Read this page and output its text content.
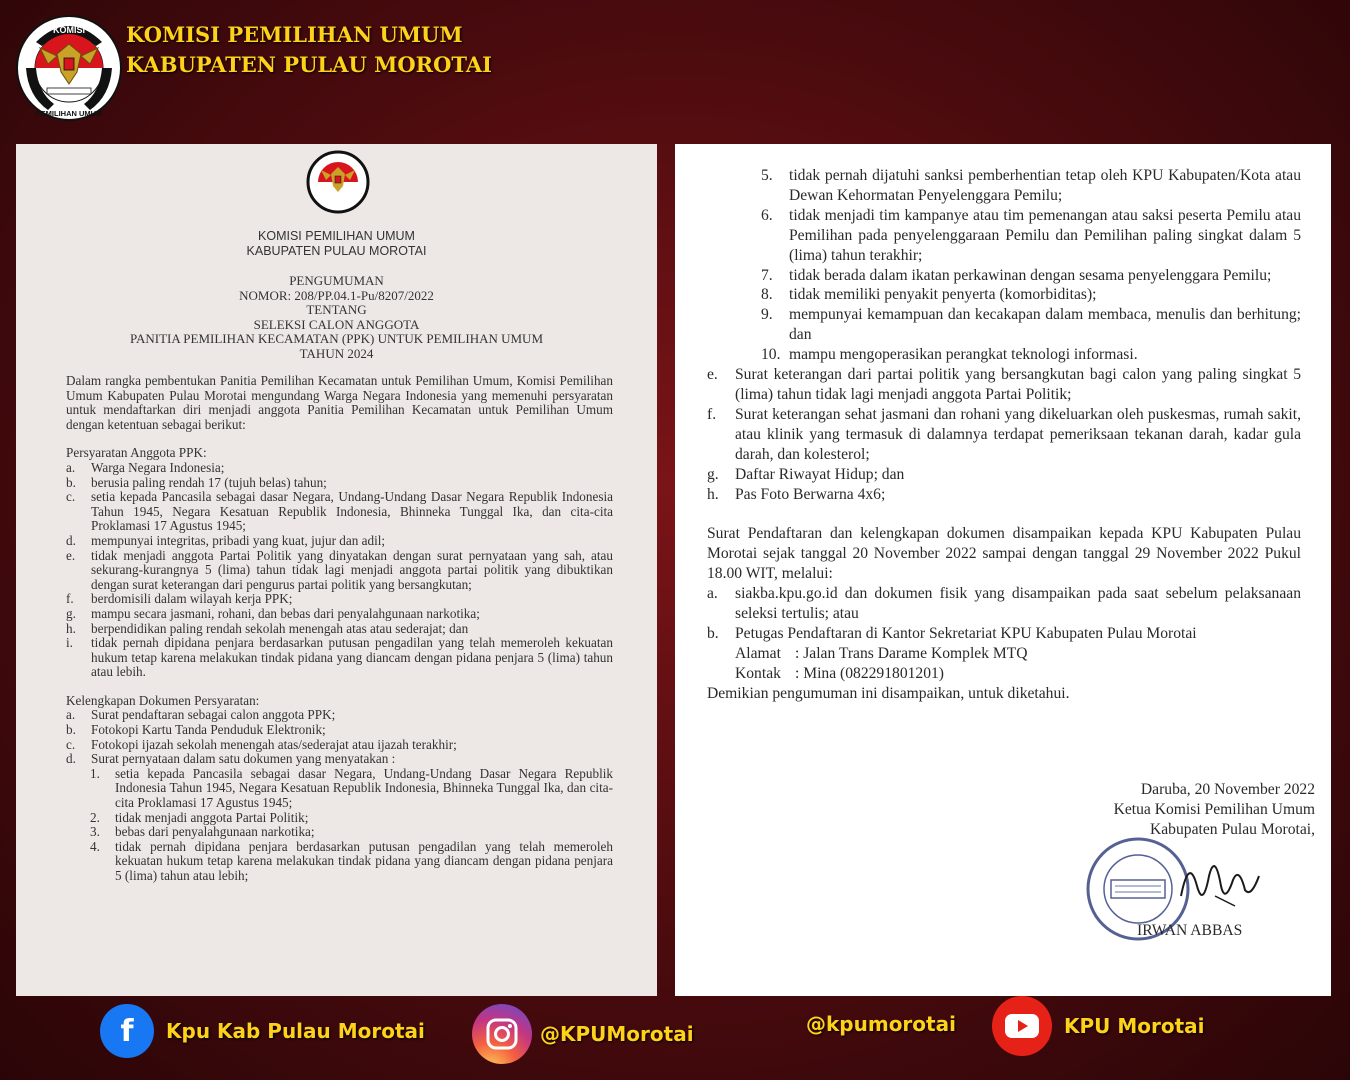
KOMISI
PEMILIHAN UMUM
KOMISI PEMILIHAN UMUM
KABUPATEN PULAU MOROTAI
KOMISI PEMILIHAN UMUM
KABUPATEN PULAU MOROTAI
PENGUMUMAN
NOMOR: 208/PP.04.1-Pu/8207/2022
TENTANG
SELEKSI CALON ANGGOTA
PANITIA PEMILIHAN KECAMATAN (PPK) UNTUK PEMILIHAN UMUM
TAHUN 2024
Dalam rangka pembentukan Panitia Pemilihan Kecamatan untuk Pemilihan Umum, Komisi Pemilihan Umum Kabupaten Pulau Morotai mengundang Warga Negara Indonesia yang memenuhi persyaratan untuk mendaftarkan diri menjadi anggota Panitia Pemilihan Kecamatan untuk Pemilihan Umum dengan ketentuan sebagai berikut:
Persyaratan Anggota PPK:
a.	Warga Negara Indonesia;
b.	berusia paling rendah 17 (tujuh belas) tahun;
c.	setia kepada Pancasila sebagai dasar Negara, Undang-Undang Dasar Negara Republik Indonesia Tahun 1945, Negara Kesatuan Republik Indonesia, Bhinneka Tunggal Ika, dan cita-cita Proklamasi 17 Agustus 1945;
d.	mempunyai integritas, pribadi yang kuat, jujur dan adil;
e.	tidak menjadi anggota Partai Politik yang dinyatakan dengan surat pernyataan yang sah, atau sekurang-kurangnya 5 (lima) tahun tidak lagi menjadi anggota partai politik yang dibuktikan dengan surat keterangan dari pengurus partai politik yang bersangkutan;
f.	berdomisili dalam wilayah kerja PPK;
g.	mampu secara jasmani, rohani, dan bebas dari penyalahgunaan narkotika;
h.	berpendidikan paling rendah sekolah menengah atas atau sederajat; dan
i.	tidak pernah dipidana penjara berdasarkan putusan pengadilan yang telah memeroleh kekuatan hukum tetap karena melakukan tindak pidana yang diancam dengan pidana penjara 5 (lima) tahun atau lebih.
Kelengkapan Dokumen Persyaratan:
a.	Surat pendaftaran sebagai calon anggota PPK;
b.	Fotokopi Kartu Tanda Penduduk Elektronik;
c.	Fotokopi ijazah sekolah menengah atas/sederajat atau ijazah terakhir;
d.	Surat pernyataan dalam satu dokumen yang menyatakan :
1.	setia kepada Pancasila sebagai dasar Negara, Undang-Undang Dasar Negara Republik Indonesia Tahun 1945, Negara Kesatuan Republik Indonesia, Bhinneka Tunggal Ika, dan cita-cita Proklamasi 17 Agustus 1945;
2.	tidak menjadi anggota Partai Politik;
3.	bebas dari penyalahgunaan narkotika;
4.	tidak pernah dipidana penjara berdasarkan putusan pengadilan yang telah memeroleh kekuatan hukum tetap karena melakukan tindak pidana yang diancam dengan pidana penjara 5 (lima) tahun atau lebih;
5.	tidak pernah dijatuhi sanksi pemberhentian tetap oleh KPU Kabupaten/Kota atau Dewan Kehormatan Penyelenggara Pemilu;
6.	tidak menjadi tim kampanye atau tim pemenangan atau saksi peserta Pemilu atau Pemilihan pada penyelenggaraan Pemilu dan Pemilihan paling singkat dalam 5 (lima) tahun terakhir;
7.	tidak berada dalam ikatan perkawinan dengan sesama penyelenggara Pemilu;
8.	tidak memiliki penyakit penyerta (komorbiditas);
9.	mempunyai kemampuan dan kecakapan dalam membaca, menulis dan berhitung; dan
10. mampu mengoperasikan perangkat teknologi informasi.
e.	Surat keterangan dari partai politik yang bersangkutan bagi calon yang paling singkat 5 (lima) tahun tidak lagi menjadi anggota Partai Politik;
f.	Surat keterangan sehat jasmani dan rohani yang dikeluarkan oleh puskesmas, rumah sakit, atau klinik yang termasuk di dalamnya terdapat pemeriksaan tekanan darah, kadar gula darah, dan kolesterol;
g.	Daftar Riwayat Hidup; dan
h.	Pas Foto Berwarna 4x6;
Surat Pendaftaran dan kelengkapan dokumen disampaikan kepada KPU Kabupaten Pulau Morotai sejak tanggal 20 November 2022 sampai dengan tanggal 29 November 2022 Pukul 18.00 WIT, melalui:
a.	siakba.kpu.go.id dan dokumen fisik yang disampaikan pada saat sebelum pelaksanaan seleksi tertulis; atau
b.	Petugas Pendaftaran di Kantor Sekretariat KPU Kabupaten Pulau Morotai
Alamat : Jalan Trans Darame Komplek MTQ
Kontak : Mina (082291801201)
Demikian pengumuman ini disampaikan, untuk diketahui.
Daruba, 20 November 2022
Ketua Komisi Pemilihan Umum
Kabupaten Pulau Morotai,
IRWAN ABBAS
f Kpu Kab Pulau Morotai	@KPUMorotai	@kpumorotai	KPU Morotai
